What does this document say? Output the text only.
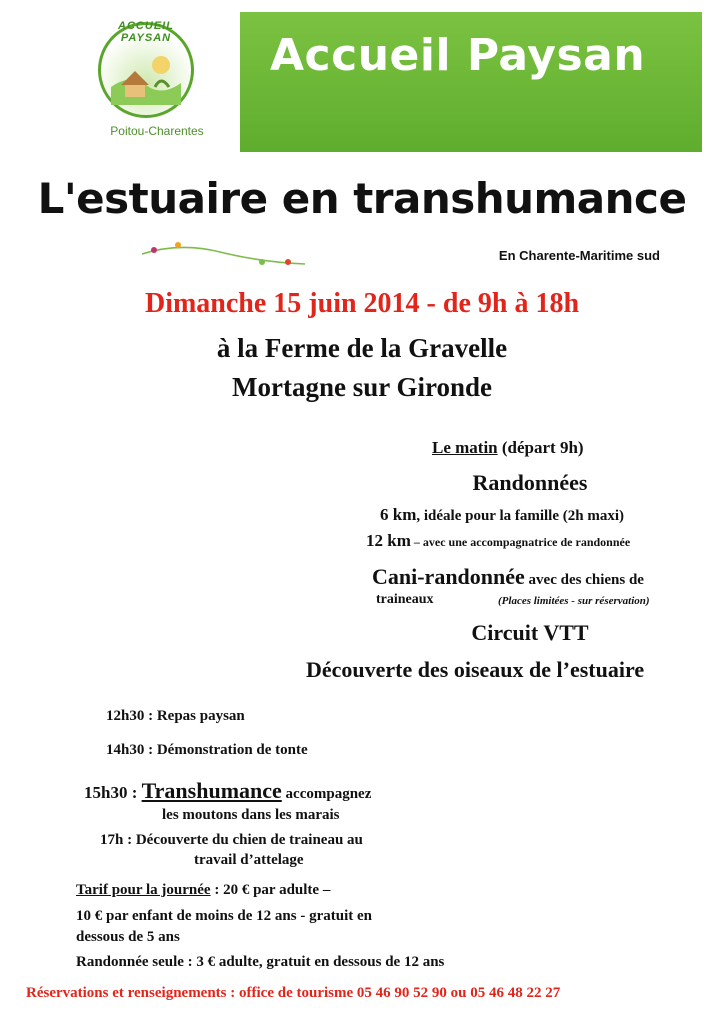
ACCUEIL PAYSAN
Poitou-Charentes
Accueil Paysan
L'estuaire en transhumance
En Charente-Maritime sud
Dimanche 15 juin 2014 - de 9h à 18h
à la Ferme de la Gravelle
Mortagne sur Gironde
Le matin (départ 9h)
Randonnées
6 km, idéale pour la famille (2h maxi)
12 km – avec une accompagnatrice de randonnée
Cani-randonnée avec des chiens de
traineaux	(Places limitées - sur réservation)
Circuit VTT
Découverte des oiseaux de l’estuaire
12h30 : Repas paysan
14h30 : Démonstration de tonte
15h30 : Transhumance accompagnez
les moutons dans les marais
17h : Découverte du chien de traineau au
travail d’attelage
Tarif pour la journée : 20 € par adulte –
10 € par enfant de moins de 12 ans - gratuit en
dessous de 5 ans
Randonnée seule : 3 € adulte, gratuit en dessous de 12 ans
Réservations et renseignements : office de tourisme 05 46 90 52 90 ou 05 46 48 22 27
